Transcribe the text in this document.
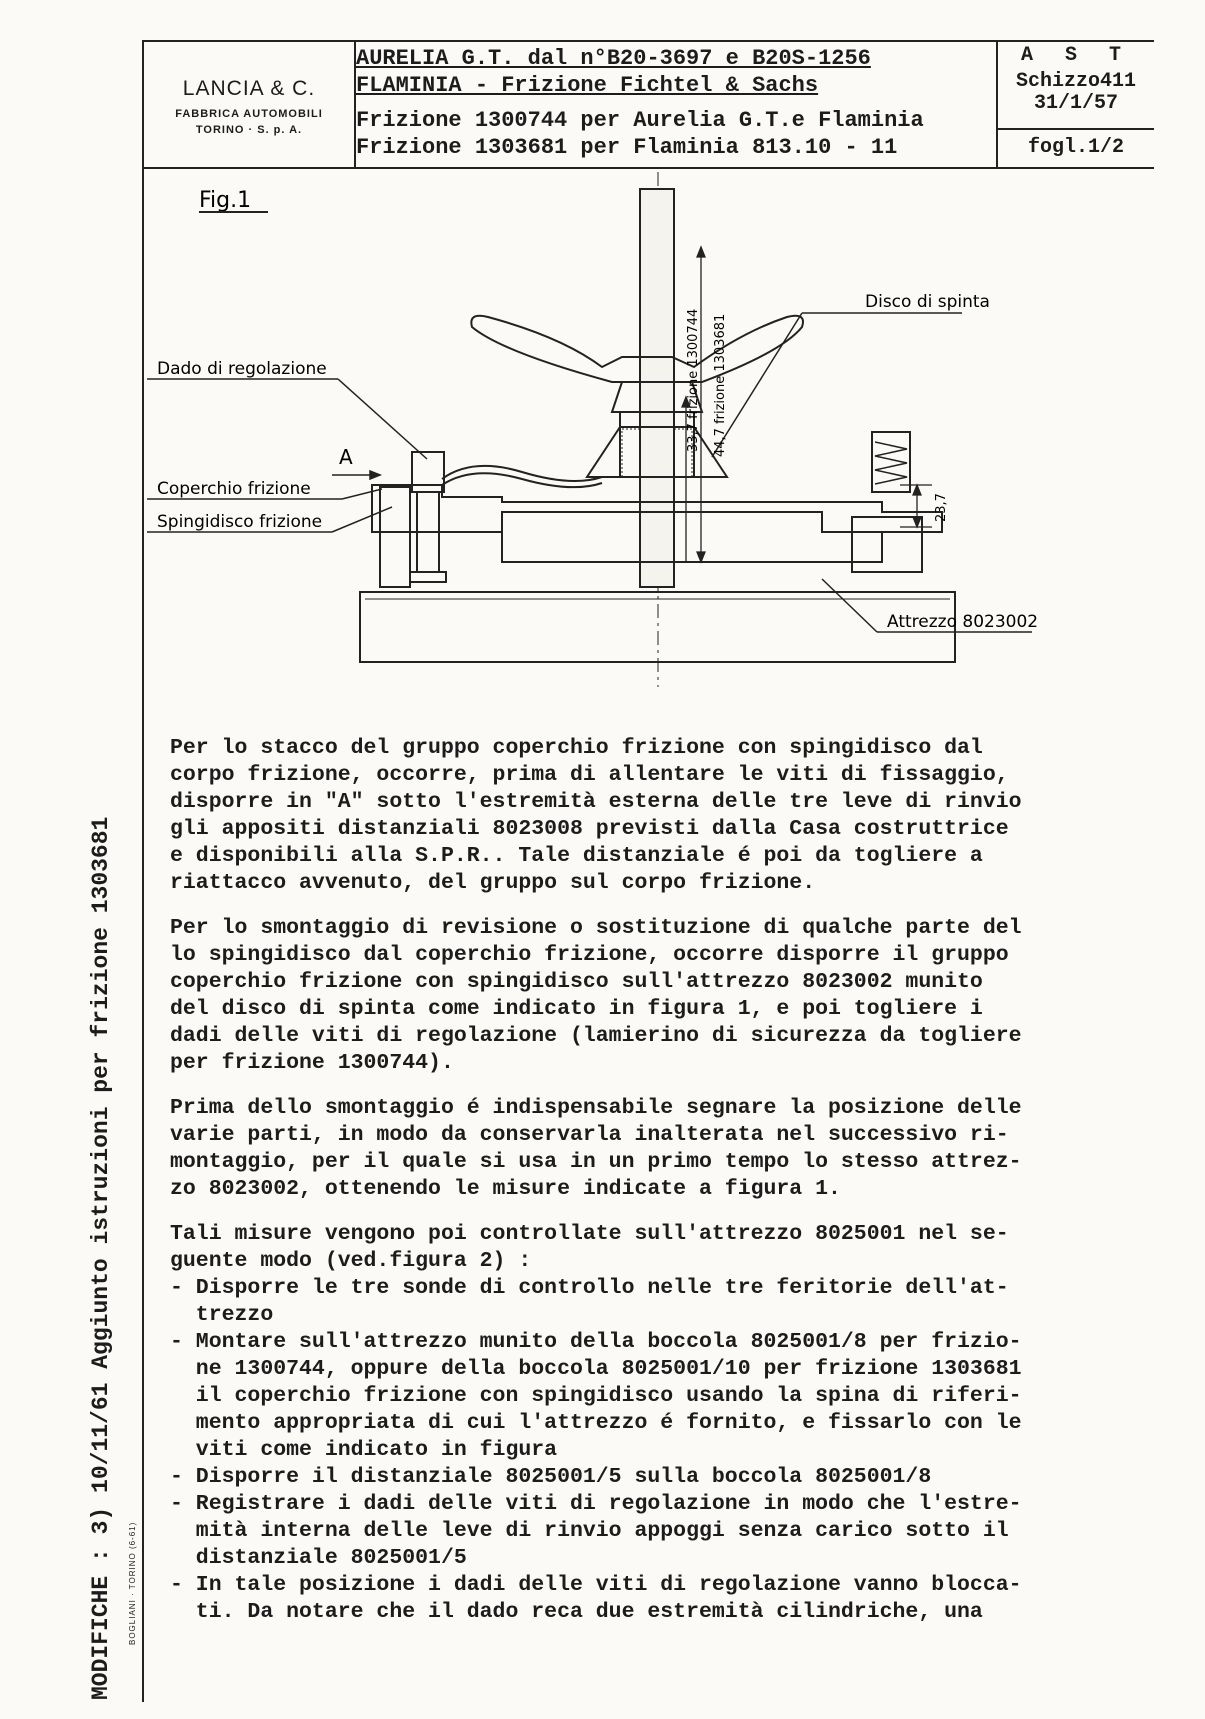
LANCIA & C.
FABBRICA AUTOMOBILI
TORINO · S. p. A.
AURELIA G.T. dal n°B20-3697 e B20S-1256
FLAMINIA - Frizione Fichtel & Sachs
Frizione 1300744 per Aurelia G.T.e Flaminia
Frizione 1303681 per Flaminia 813.10 - 11
A S T
Schizzo411
31/1/57
fogl.1/2
Fig.1
Dado di regolazione
Coperchio frizione
Spingidisco frizione
A
Disco di spinta
Attrezzo 8023002
33,7 frizione 1300744 44,7 frizione 1303681
23,7

Per lo stacco del gruppo coperchio frizione con spingidisco dal
corpo frizione, occorre, prima di allentare le viti di fissaggio,
disporre in "A" sotto l'estremità esterna delle tre leve di rinvio
gli appositi distanziali 8023008 previsti dalla Casa costruttrice
e disponibili alla S.P.R.. Tale distanziale é poi da togliere a
riattacco avvenuto, del gruppo sul corpo frizione.

Per lo smontaggio di revisione o sostituzione di qualche parte del
lo spingidisco dal coperchio frizione, occorre disporre il gruppo
coperchio frizione con spingidisco sull'attrezzo 8023002 munito
del disco di spinta come indicato in figura 1, e poi togliere i
dadi delle viti di regolazione (lamierino di sicurezza da togliere
per frizione 1300744).

Prima dello smontaggio é indispensabile segnare la posizione delle
varie parti, in modo da conservarla inalterata nel successivo ri-
montaggio, per il quale si usa in un primo tempo lo stesso attrez-
zo 8023002, ottenendo le misure indicate a figura 1.

Tali misure vengono poi controllate sull'attrezzo 8025001 nel se-
guente modo (ved.figura 2) :

- Disporre le tre sonde di controllo nelle tre feritorie dell'at-
trezzo
- Montare sull'attrezzo munito della boccola 8025001/8 per frizio-
ne 1300744, oppure della boccola 8025001/10 per frizione 1303681
il coperchio frizione con spingidisco usando la spina di riferi-
mento appropriata di cui l'attrezzo é fornito, e fissarlo con le
viti come indicato in figura
- Disporre il distanziale 8025001/5 sulla boccola 8025001/8
- Registrare i dadi delle viti di regolazione in modo che l'estre-
mità interna delle leve di rinvio appoggi senza carico sotto il
distanziale 8025001/5
- In tale posizione i dadi delle viti di regolazione vanno blocca-
ti. Da notare che il dado reca due estremità cilindriche, una
MODIFICHE : 3) 10/11/61 Aggiunto istruzioni per frizione 1303681 BOGLIANI · TORINO (6-61)
